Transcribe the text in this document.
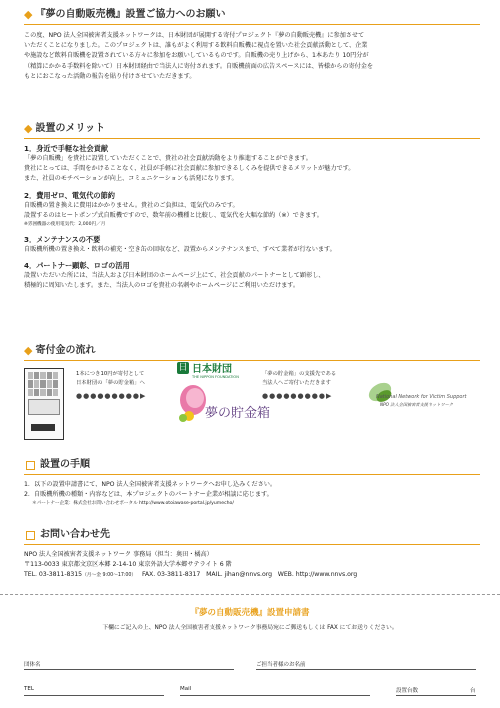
◆ 『夢の自動販売機』設置ご協力へのお願い
この度、NPO 法人全国被害者支援ネットワークは、日本財団が展開する寄付プロジェクト『夢の自動販売機』に参加させて
いただくことになりました。このプロジェクトは、誰もがよく利用する飲料自販機に視点を置いた社会貢献活動として、企業
や施設など飲料自販機を設置されている方々に参加をお願いしているものです。自販機の売り上げから、1本あたり 10円分が
（精算にかかる手数料を除いて）日本財団経由で当法人に寄付されます。自販機前面の広告スペースには、皆様からの寄付金を
もとにおこなった活動の報告を貼り付けさせていただきます。
◆ 設置のメリット
1．身近で手軽な社会貢献
「夢の自販機」を貴社に設置していただくことで、貴社の社会貢献活動をより推進することができます。
貴社にとっては、手間をかけることなく、社員が手軽に社会貢献に参加できるしくみを提供できるメリットが魅力です。
また、社員のモチベーションが向上、コミュニケーションも活発になります。
2．費用ゼロ、電気代の節約
自販機の置き換えに費用はかかりません。貴社のご負担は、電気代のみです。
設置するのはヒートポンプ式自販機ですので、数年前の機種と比較し、電気代を大幅な節約（※）できます。
※雰囲機器の使用電気代：2,000円／月
3．メンテナンスの不要
自販機所機の置き換え・飲料の補充・空き缶の回収など、設置からメンテナンスまで、すべて業者が行ないます。
4．パートナー顕彰、ロゴの活用
設置いただいた所には、当法人および日本財団のホームページ上にて、社会貢献のパートナーとして顕彰し、
積極的に周知いたします。また、当法人のロゴを貴社の名刺やホームページにご利用いただけます。
◆ 寄付金の流れ
1本につき10円が寄付として
日本財団の「夢の貯金箱」へ
●●●●●●●●●▶
日 日本財団
THE NIPPON FOUNDATION
夢の貯金箱
「夢の貯金箱」の支援先である
当法人へご寄付いただきます
●●●●●●●●●▶	National Network for Victim Support
NPO 法人全国被害者支援ネットワーク
設置の手順
1．以下の設置申請書にて、NPO 法人全国被害者支援ネットワークへお申し込みください。
2．自販機所機の種類・内容などは、本プロジェクトのパートナー企業が相談に応じます。
＊パートナー企業：株式会社お問い合わせポータル http://www.otoiawase-portal.jp/yumecho/
お問い合わせ先
NPO 法人全国被害者支援ネットワーク 事務局（担当：奥田・橘高）
〒113-0033 東京都文京区本郷 2-14-10 東京外語大学本郷サテライト 6 階
TEL. 03-3811-8315（月〜金 9:00〜17:00） FAX. 03-3811-8317 MAIL. jihan@nnvs.org WEB. http://www.nnvs.org
『夢の自動販売機』設置申請書
下欄にご記入の上、NPO 法人全国被害者支援ネットワーク事務局宛にご郵送もしくは FAX にてお送りください。
団体名	ご担当者様のお名前
TEL	Mail	設置台数	台
